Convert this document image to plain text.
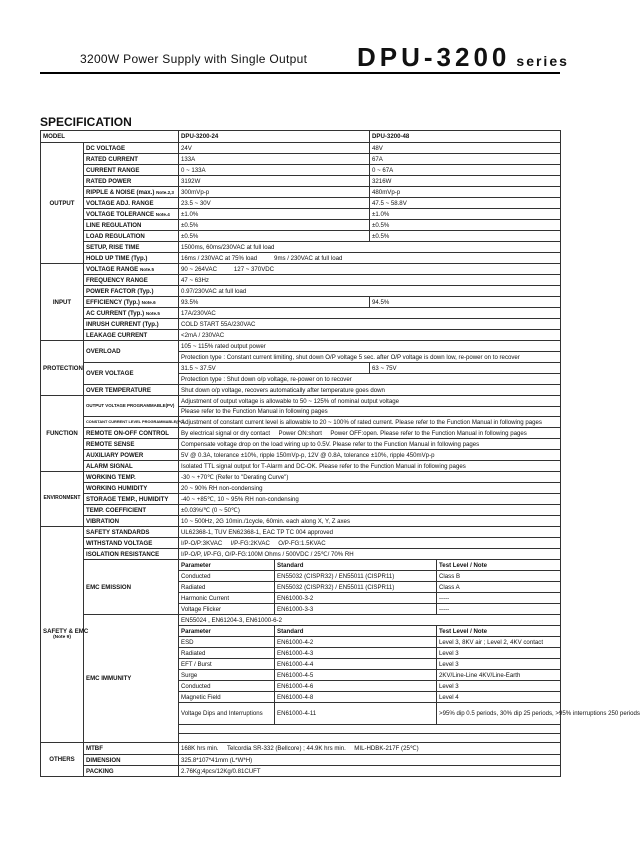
3200W Power Supply with Single Output DPU-3200 series
SPECIFICATION
MODEL		DPU-3200-24		DPU-3200-48	
OUTPUT	DC VOLTAGE	24V		48V	
	RATED CURRENT	133A		67A	
	CURRENT RANGE	0 ~ 133A		0 ~ 67A	
	RATED POWER	3192W		3216W	
	RIPPLE & NOISE (max.) Note.2,3	300mVp-p		480mVp-p	
	VOLTAGE ADJ. RANGE	23.5 ~ 30V		47.5 ~ 58.8V	
	VOLTAGE TOLERANCE Note.4	±1.0%		±1.0%	
	LINE REGULATION	±0.5%		±0.5%	
	LOAD REGULATION	±0.5%		±0.5%	
	SETUP, RISE TIME	1500ms, 60ms/230VAC at full load			
	HOLD UP TIME (Typ.)	16ms / 230VAC at 75% load          9ms / 230VAC at full load			
INPUT	VOLTAGE RANGE Note.5	90 ~ 264VAC          127 ~ 370VDC			
	FREQUENCY RANGE	47 ~ 63Hz			
	POWER FACTOR (Typ.)	0.97/230VAC at full load			
	EFFICIENCY (Typ.) Note.6	93.5%		94.5%	
	AC CURRENT (Typ.) Note.5	17A/230VAC			
	INRUSH CURRENT (Typ.)	COLD START 55A/230VAC			
	LEAKAGE CURRENT	<2mA / 230VAC			
PROTECTION	OVERLOAD	105 ~ 115% rated output power			
		Protection type : Constant current limiting, shut down O/P voltage 5 sec. after O/P voltage is down low, re-power on to recover			
	OVER VOLTAGE	31.5 ~ 37.5V		63 ~ 75V	
		Protection type : Shut down o/p voltage, re-power on to recover			
	OVER TEMPERATURE	Shut down o/p voltage, recovers automatically after temperature goes down			
FUNCTION	OUTPUT VOLTAGE PROGRAMMABLE(PV)	Adjustment of output voltage is allowable to 50 ~ 125% of nominal output voltage			
		Please refer to the Function Manual in following pages			
	CONSTANT CURRENT LEVEL PROGRAMMABLE(PC)	Adjustment of constant current level is allowable to 20 ~ 100% of rated current. Please refer to the Function Manual in following pages			
	REMOTE ON-OFF CONTROL	By electrical signal or dry contact     Power ON:short     Power OFF:open. Please refer to the Function Manual in following pages			
	REMOTE SENSE	Compensate voltage drop on the load wiring up to 0.5V. Please refer to the Function Manual in following pages			
	AUXILIARY POWER	5V @ 0.3A, tolerance ±10%, ripple 150mVp-p, 12V @ 0.8A, tolerance ±10%, ripple 450mVp-p			
	ALARM SIGNAL	Isolated TTL signal output for T-Alarm and DC-OK. Please refer to the Function Manual in following pages			
ENVIRONMENT	WORKING TEMP.	-30 ~ +70℃ (Refer to "Derating Curve")			
	WORKING HUMIDITY	20 ~ 90% RH non-condensing			
	STORAGE TEMP., HUMIDITY	-40 ~ +85℃, 10 ~ 95% RH non-condensing			
	TEMP. COEFFICIENT	±0.03%/℃ (0 ~ 50℃)			
	VIBRATION	10 ~ 500Hz, 2G 10min./1cycle, 60min. each along X, Y, Z axes			
SAFETY & EMC
(Note 9)	SAFETY STANDARDS	UL62368-1, TUV EN62368-1, EAC TP TC 004 approved			
	WITHSTAND VOLTAGE	I/P-O/P:3KVAC     I/P-FG:2KVAC     O/P-FG:1.5KVAC			
	ISOLATION RESISTANCE	I/P-O/P, I/P-FG, O/P-FG:100M Ohms / 500VDC / 25℃/ 70% RH			
	EMC EMISSION	Parameter	Standard		Test Level / Note
		Conducted	EN55032 (CISPR32) / EN55011 (CISPR11)		Class B
		Radiated	EN55032 (CISPR32) / EN55011 (CISPR11)		Class A
		Harmonic Current	EN61000-3-2		-----
		Voltage Flicker	EN61000-3-3		-----
	EMC IMMUNITY	EN55024 , EN61204-3, EN61000-6-2			
		Parameter	Standard		Test Level / Note
		ESD	EN61000-4-2		Level 3, 8KV air ; Level 2, 4KV contact
		Radiated	EN61000-4-3		Level 3
		EFT / Burst	EN61000-4-4		Level 3
		Surge	EN61000-4-5		2KV/Line-Line 4KV/Line-Earth
		Conducted	EN61000-4-6		Level 3
		Magnetic Field	EN61000-4-8		Level 4
		Voltage Dips and Interruptions	EN61000-4-11		>95% dip 0.5 periods, 30% dip 25 periods, >95% interruptions 250 periods

OTHERS	MTBF	168K hrs min.     Telcordia SR-332 (Bellcore) ; 44.9K hrs min.     MIL-HDBK-217F (25℃)			
	DIMENSION	325.8*107*41mm (L*W*H)			
	PACKING	2.76Kg;4pcs/12Kg/0.81CUFT			
